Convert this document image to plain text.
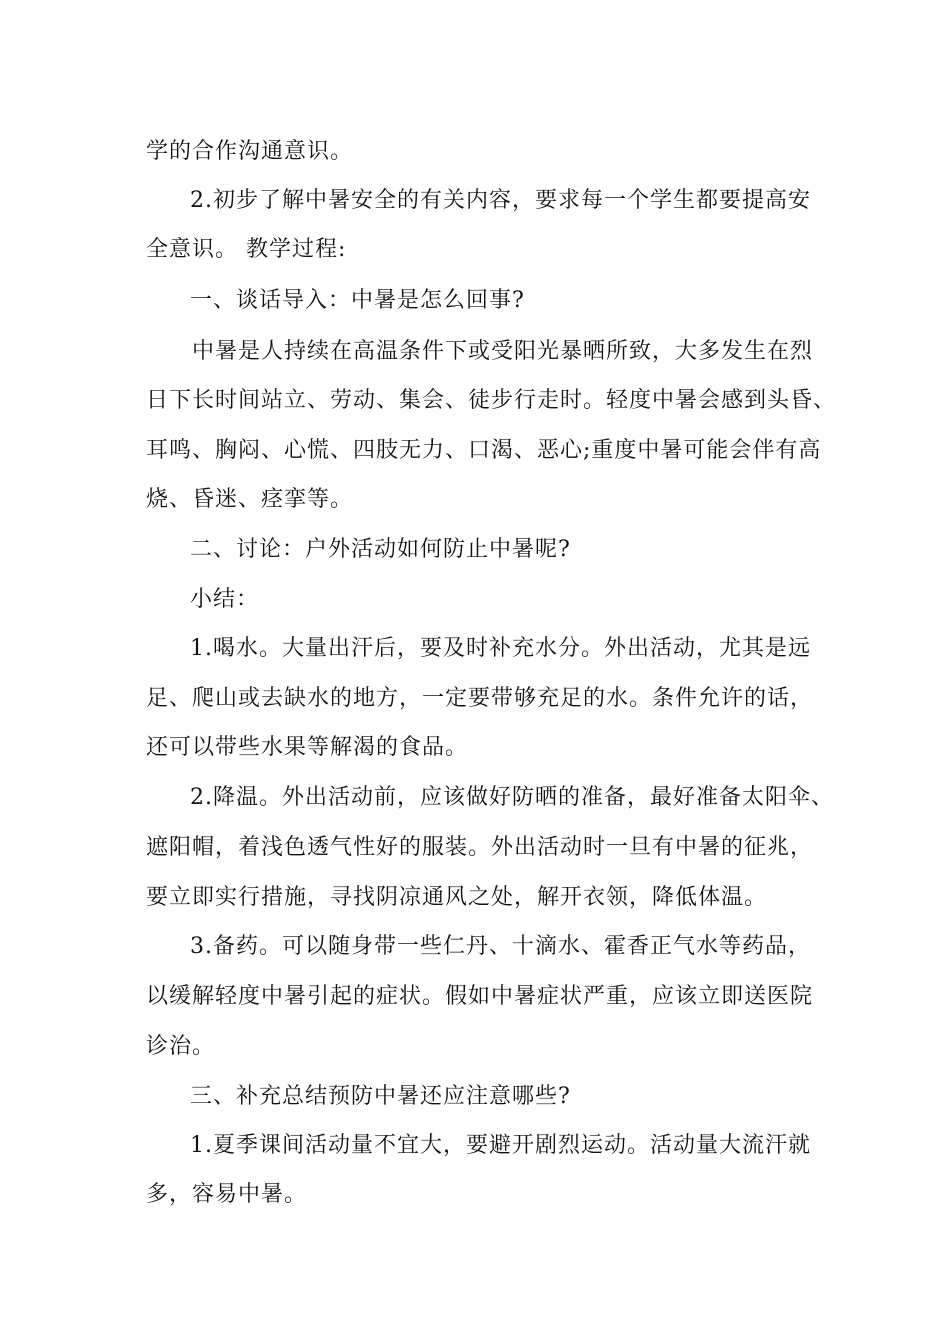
学的合作沟通意识。
2.初步了解中暑安全的有关内容，要求每一个学生都要提高安
全意识。 教学过程:
一、谈话导入：中暑是怎么回事?
中暑是人持续在高温条件下或受阳光暴晒所致，大多发生在烈
日下长时间站立、劳动、集会、徒步行走时。轻度中暑会感到头昏、
耳鸣、胸闷、心慌、四肢无力、口渴、恶心;重度中暑可能会伴有高
烧、昏迷、痉挛等。
二、讨论：户外活动如何防止中暑呢?
小结：
1.喝水。大量出汗后，要及时补充水分。外出活动，尤其是远
足、爬山或去缺水的地方，一定要带够充足的水。条件允许的话，
还可以带些水果等解渴的食品。
2.降温。外出活动前，应该做好防晒的准备，最好准备太阳伞、
遮阳帽，着浅色透气性好的服装。外出活动时一旦有中暑的征兆，
要立即实行措施，寻找阴凉通风之处，解开衣领，降低体温。
3.备药。可以随身带一些仁丹、十滴水、霍香正气水等药品，
以缓解轻度中暑引起的症状。假如中暑症状严重，应该立即送医院
诊治。
三、补充总结预防中暑还应注意哪些?
1.夏季课间活动量不宜大，要避开剧烈运动。活动量大流汗就
多，容易中暑。
